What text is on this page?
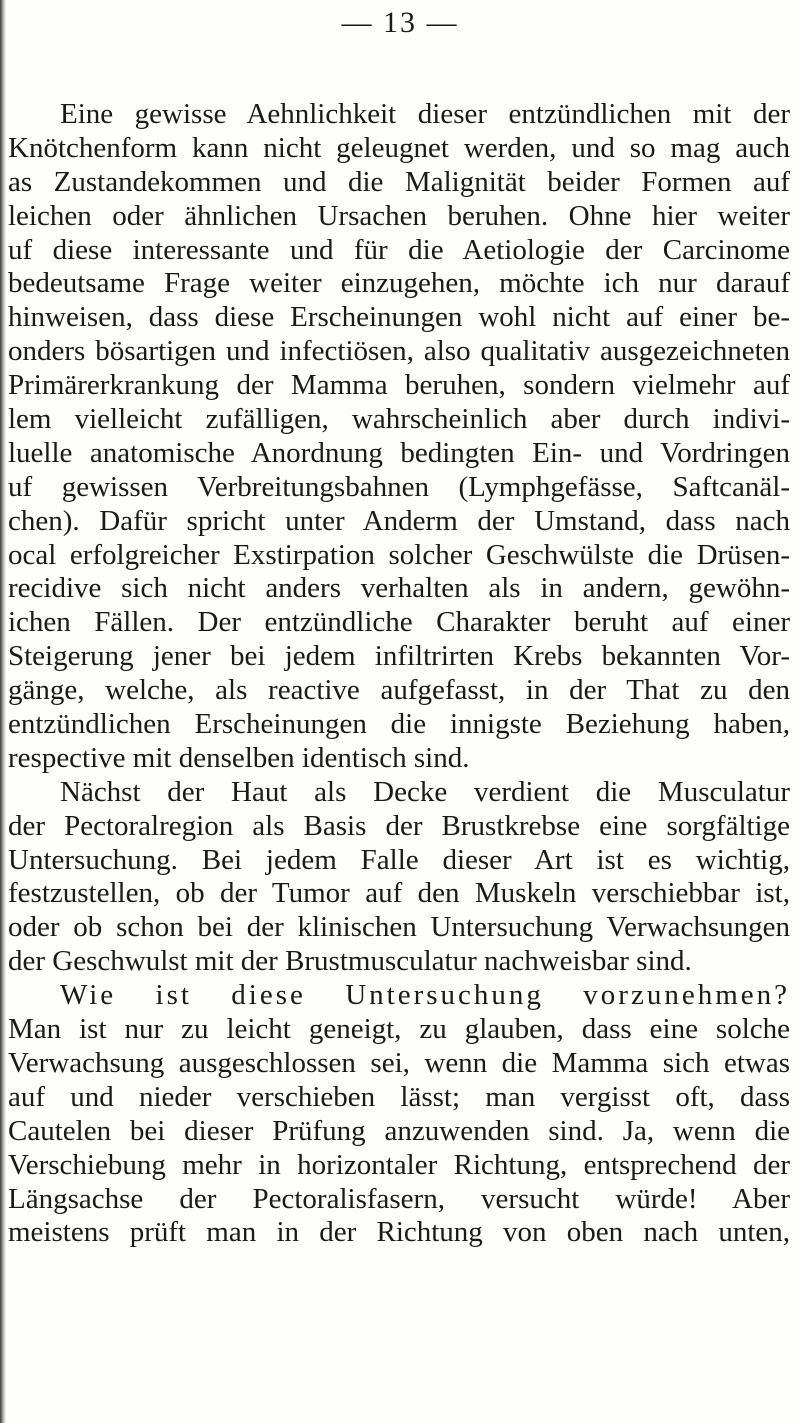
— 13 —
Eine gewisse Aehnlichkeit dieser entzündlichen mit der
Knötchenform kann nicht geleugnet werden, und so mag auch
as Zustandekommen und die Malignität beider Formen auf
leichen oder ähnlichen Ursachen beruhen. Ohne hier weiter
uf diese interessante und für die Aetiologie der Carcinome
bedeutsame Frage weiter einzugehen, möchte ich nur darauf
hinweisen, dass diese Erscheinungen wohl nicht auf einer be-
onders bösartigen und infectiösen, also qualitativ ausgezeichneten
Primärerkrankung der Mamma beruhen, sondern vielmehr auf
lem vielleicht zufälligen, wahrscheinlich aber durch indivi-
luelle anatomische Anordnung bedingten Ein- und Vordringen
uf gewissen Verbreitungsbahnen (Lymphgefässe, Saftcanäl-
chen). Dafür spricht unter Anderm der Umstand, dass nach
ocal erfolgreicher Exstirpation solcher Geschwülste die Drüsen-
recidive sich nicht anders verhalten als in andern, gewöhn-
ichen Fällen. Der entzündliche Charakter beruht auf einer
Steigerung jener bei jedem infiltrirten Krebs bekannten Vor-
gänge, welche, als reactive aufgefasst, in der That zu den
entzündlichen Erscheinungen die innigste Beziehung haben,
respective mit denselben identisch sind.
Nächst der Haut als Decke verdient die Musculatur
der Pectoralregion als Basis der Brustkrebse eine sorgfältige
Untersuchung. Bei jedem Falle dieser Art ist es wichtig,
festzustellen, ob der Tumor auf den Muskeln verschiebbar ist,
oder ob schon bei der klinischen Untersuchung Verwachsungen
der Geschwulst mit der Brustmusculatur nachweisbar sind.
Wie ist diese Untersuchung vorzunehmen?
Man ist nur zu leicht geneigt, zu glauben, dass eine solche
Verwachsung ausgeschlossen sei, wenn die Mamma sich etwas
auf und nieder verschieben lässt; man vergisst oft, dass
Cautelen bei dieser Prüfung anzuwenden sind. Ja, wenn die
Verschiebung mehr in horizontaler Richtung, entsprechend der
Längsachse der Pectoralisfasern, versucht würde! Aber
meistens prüft man in der Richtung von oben nach unten,
